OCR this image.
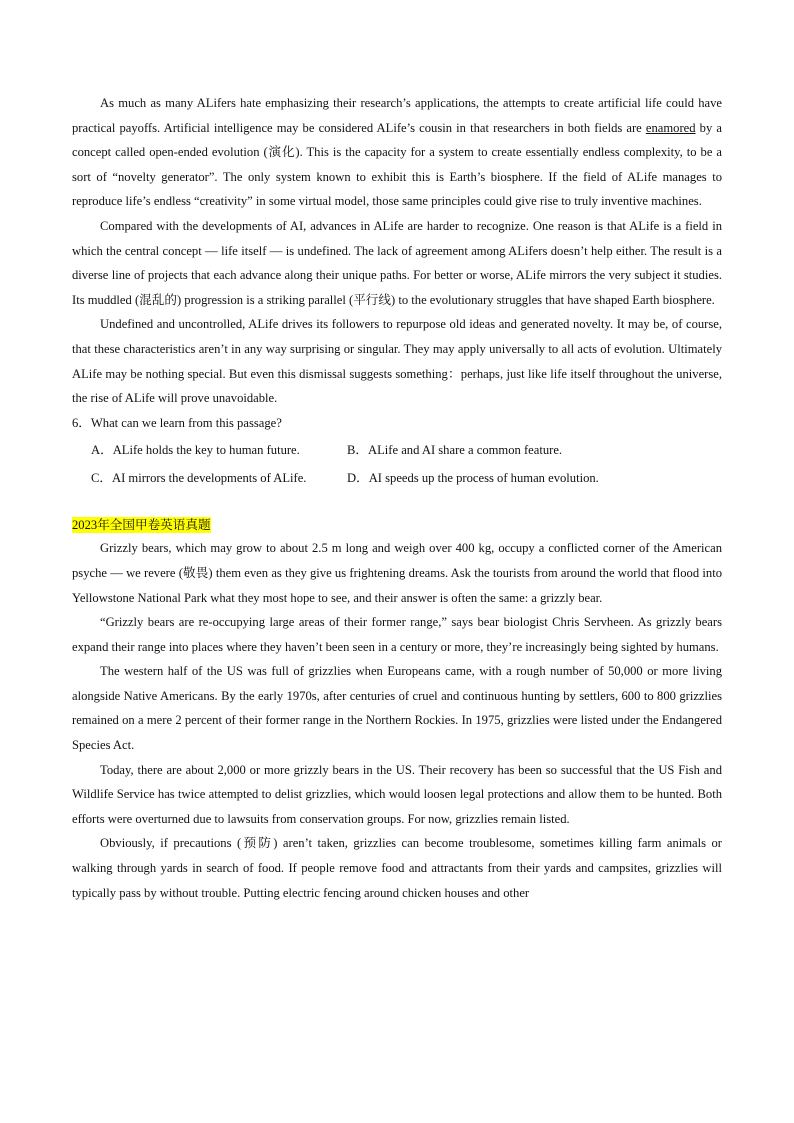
As much as many ALifers hate emphasizing their research’s applications, the attempts to create artificial life could have practical payoffs. Artificial intelligence may be considered ALife’s cousin in that researchers in both fields are enamored by a concept called open-ended evolution (演化). This is the capacity for a system to create essentially endless complexity, to be a sort of “novelty generator”. The only system known to exhibit this is Earth’s biosphere. If the field of ALife manages to reproduce life’s endless “creativity” in some virtual model, those same principles could give rise to truly inventive machines.

Compared with the developments of AI, advances in ALife are harder to recognize. One reason is that ALife is a field in which the central concept — life itself — is undefined. The lack of agreement among ALifers doesn’t help either. The result is a diverse line of projects that each advance along their unique paths. For better or worse, ALife mirrors the very subject it studies. Its muddled (混乱的) progression is a striking parallel (平行线) to the evolutionary struggles that have shaped Earth biosphere.

Undefined and uncontrolled, ALife drives its followers to repurpose old ideas and generated novelty. It may be, of course, that these characteristics aren’t in any way surprising or singular. They may apply universally to all acts of evolution. Ultimately ALife may be nothing special. But even this dismissal suggests something：perhaps, just like life itself throughout the universe, the rise of ALife will prove unavoidable.

6．What can we learn from this passage?

A．ALife holds the key to human future.	B．ALife and AI share a common feature.
C．AI mirrors the developments of ALife.	D．AI speeds up the process of human evolution.
2023年全国甲卷英语真题

Grizzly bears, which may grow to about 2.5 m long and weigh over 400 kg, occupy a conflicted corner of the American psyche — we revere (敬畏) them even as they give us frightening dreams. Ask the tourists from around the world that flood into Yellowstone National Park what they most hope to see, and their answer is often the same: a grizzly bear.

“Grizzly bears are re-occupying large areas of their former range,” says bear biologist Chris Servheen. As grizzly bears expand their range into places where they haven’t been seen in a century or more, they’re increasingly being sighted by humans.

The western half of the US was full of grizzlies when Europeans came, with a rough number of 50,000 or more living alongside Native Americans. By the early 1970s, after centuries of cruel and continuous hunting by settlers, 600 to 800 grizzlies remained on a mere 2 percent of their former range in the Northern Rockies. In 1975, grizzlies were listed under the Endangered Species Act.

Today, there are about 2,000 or more grizzly bears in the US. Their recovery has been so successful that the US Fish and Wildlife Service has twice attempted to delist grizzlies, which would loosen legal protections and allow them to be hunted. Both efforts were overturned due to lawsuits from conservation groups. For now, grizzlies remain listed.

Obviously, if precautions (预防) aren’t taken, grizzlies can become troublesome, sometimes killing farm animals or walking through yards in search of food. If people remove food and attractants from their yards and campsites, grizzlies will typically pass by without trouble. Putting electric fencing around chicken houses and other
